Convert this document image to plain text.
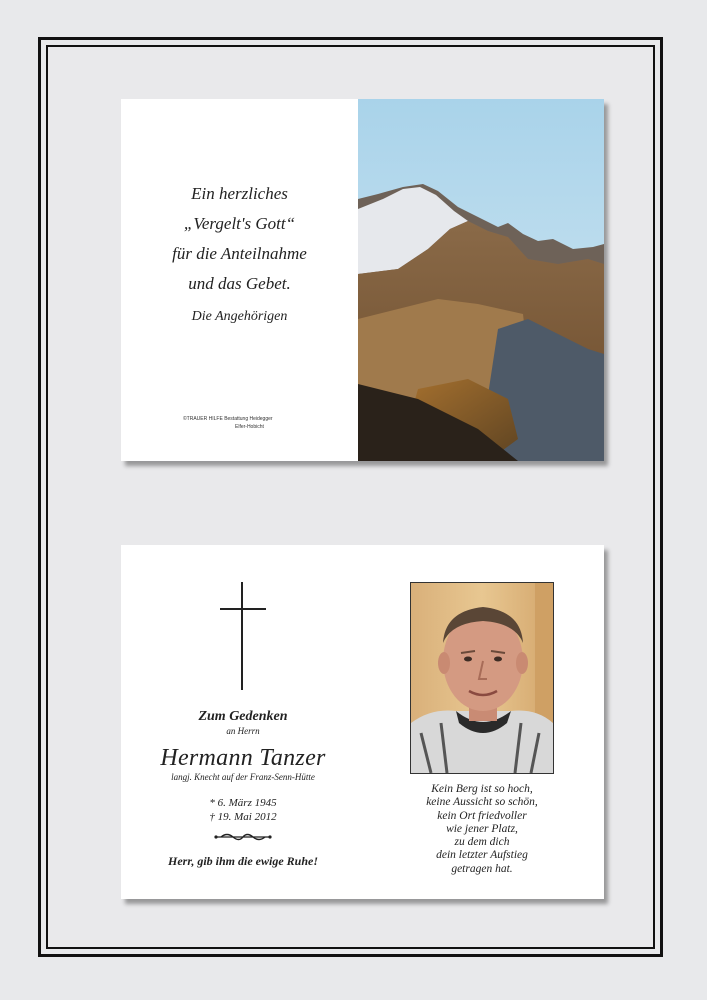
Ein herzliches
„Vergelt's Gott“
für die Anteilnahme
und das Gebet.
Die Angehörigen
©TRAUER HILFE Bestattung Heidegger
Elfer-Hobicht
Zum Gedenken
an Herrn
Hermann Tanzer
langj. Knecht auf der Franz-Senn-Hütte
* 6. März 1945
† 19. Mai 2012
Herr, gib ihm die ewige Ruhe!
Kein Berg ist so hoch,
keine Aussicht so schön,
kein Ort friedvoller
wie jener Platz,
zu dem dich
dein letzter Aufstieg
getragen hat.
